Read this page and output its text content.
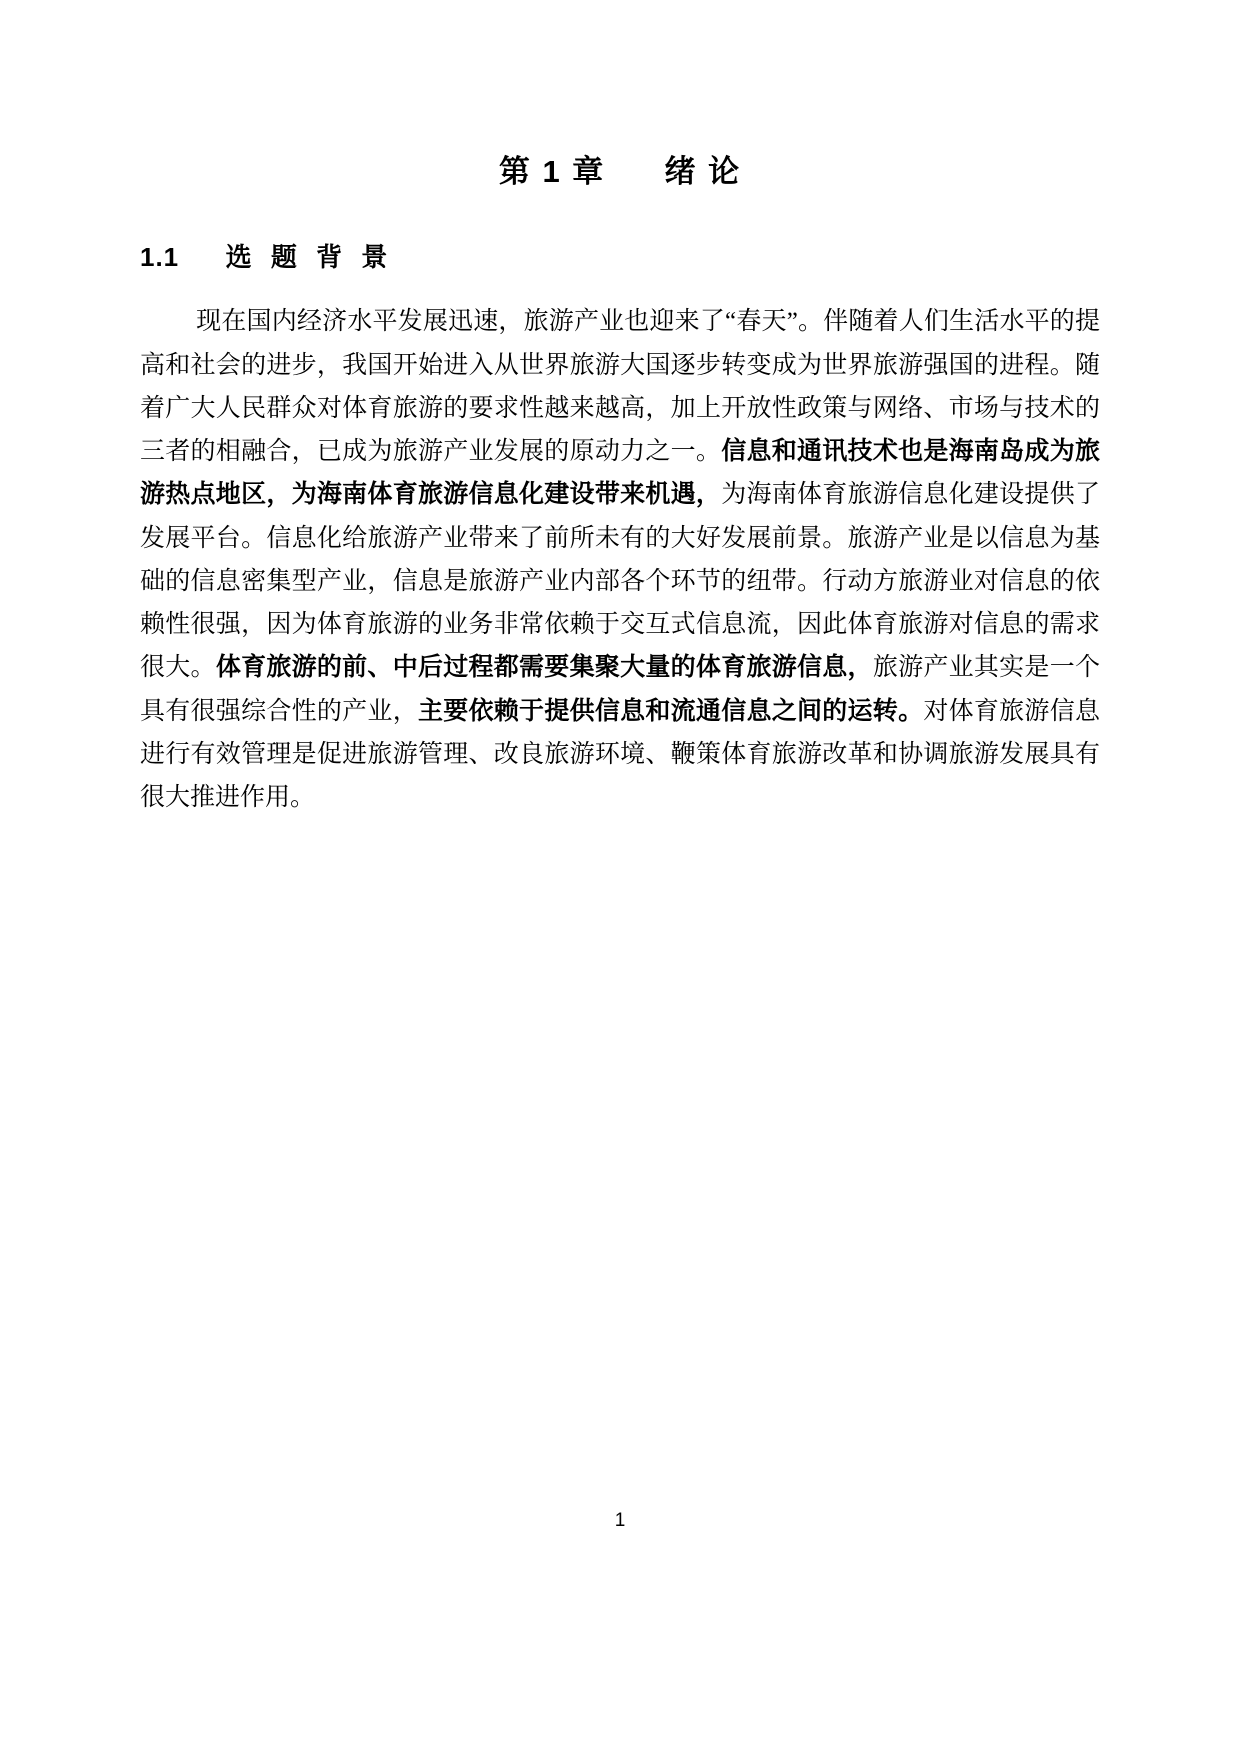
第 1 章 绪 论
1.1 选 题 背 景

现在国内经济水平发展迅速，旅游产业也迎来了“春天”。伴随着人们生活水平的提高和社会的进步，我国开始进入从世界旅游大国逐步转变成为世界旅游强国的进程。随着广大人民群众对体育旅游的要求性越来越高，加上开放性政策与网络、市场与技术的三者的相融合，已成为旅游产业发展的原动力之一。信息和通讯技术也是海南岛成为旅游热点地区，为海南体育旅游信息化建设带来机遇，为海南体育旅游信息化建设提供了发展平台。信息化给旅游产业带来了前所未有的大好发展前景。旅游产业是以信息为基础的信息密集型产业，信息是旅游产业内部各个环节的纽带。行动方旅游业对信息的依赖性很强，因为体育旅游的业务非常依赖于交互式信息流，因此体育旅游对信息的需求很大。体育旅游的前、中后过程都需要集聚大量的体育旅游信息，旅游产业其实是一个具有很强综合性的产业，主要依赖于提供信息和流通信息之间的运转。对体育旅游信息进行有效管理是促进旅游管理、改良旅游环境、鞭策体育旅游改革和协调旅游发展具有很大推进作用。

1
